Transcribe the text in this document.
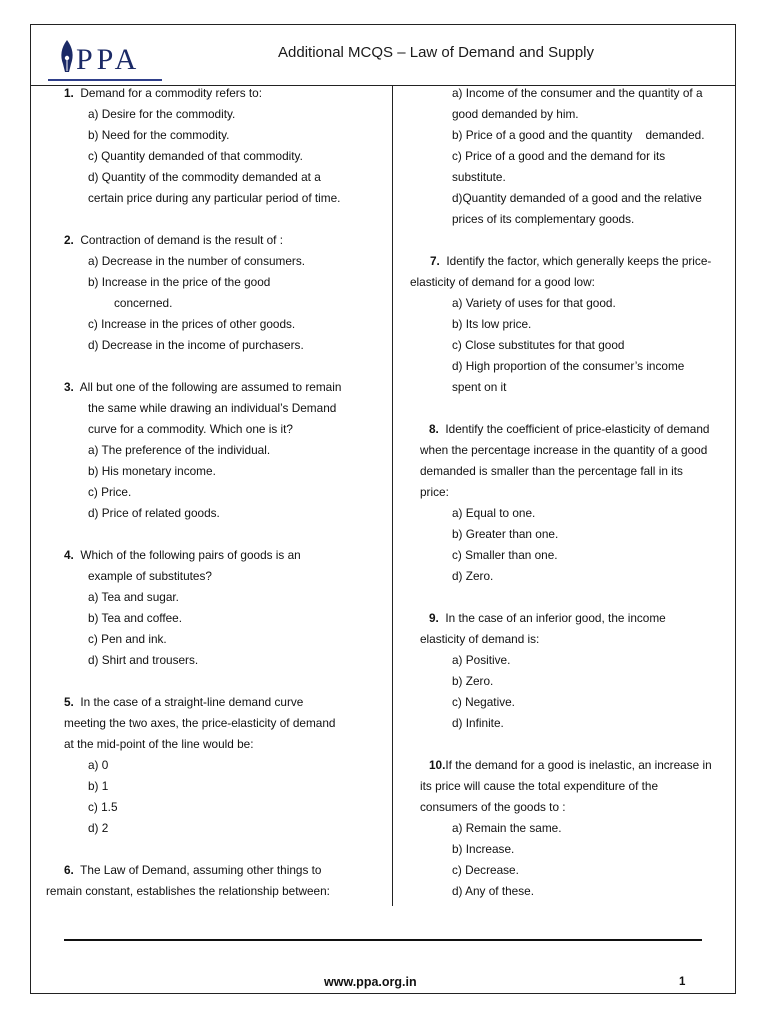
PPA	Additional MCQS – Law of Demand and Supply
1.  Demand for a commodity refers to:
a) Desire for the commodity.
b) Need for the commodity.
c) Quantity demanded of that commodity.
d) Quantity of the commodity demanded at a
certain price during any particular period of time.
2.  Contraction of demand is the result of :
a) Decrease in the number of consumers.
b) Increase in the price of the good
concerned.
c) Increase in the prices of other goods.
d) Decrease in the income of purchasers.
3.  All but one of the following are assumed to remain
the same while drawing an individual’s Demand
curve for a commodity. Which one is it?
a) The preference of the individual.
b) His monetary income.
c) Price.
d) Price of related goods.
4.  Which of the following pairs of goods is an
example of substitutes?
a) Tea and sugar.
b) Tea and coffee.
c) Pen and ink.
d) Shirt and trousers.
5.  In the case of a straight-line demand curve
meeting the two axes, the price-elasticity of demand
at the mid-point of the line would be:
a) 0
b) 1
c) 1.5
d) 2
6.  The Law of Demand, assuming other things to
remain constant, establishes the relationship between:
a) Income of the consumer and the quantity of a
good demanded by him.
b) Price of a good and the quantity    demanded.
c) Price of a good and the demand for its
substitute.
d)Quantity demanded of a good and the relative
prices of its complementary goods.
7.  Identify the factor, which generally keeps the price-
elasticity of demand for a good low:
a) Variety of uses for that good.
b) Its low price.
c) Close substitutes for that good
d) High proportion of the consumer’s income
spent on it
8.  Identify the coefficient of price-elasticity of demand
when the percentage increase in the quantity of a good
demanded is smaller than the percentage fall in its
price:
a) Equal to one.
b) Greater than one.
c) Smaller than one.
d) Zero.
9.  In the case of an inferior good, the income
elasticity of demand is:
a) Positive.
b) Zero.
c) Negative.
d) Infinite.
10.If the demand for a good is inelastic, an increase in
its price will cause the total expenditure of the
consumers of the goods to :
a) Remain the same.
b) Increase.
c) Decrease.
d) Any of these.
www.ppa.org.in	1
